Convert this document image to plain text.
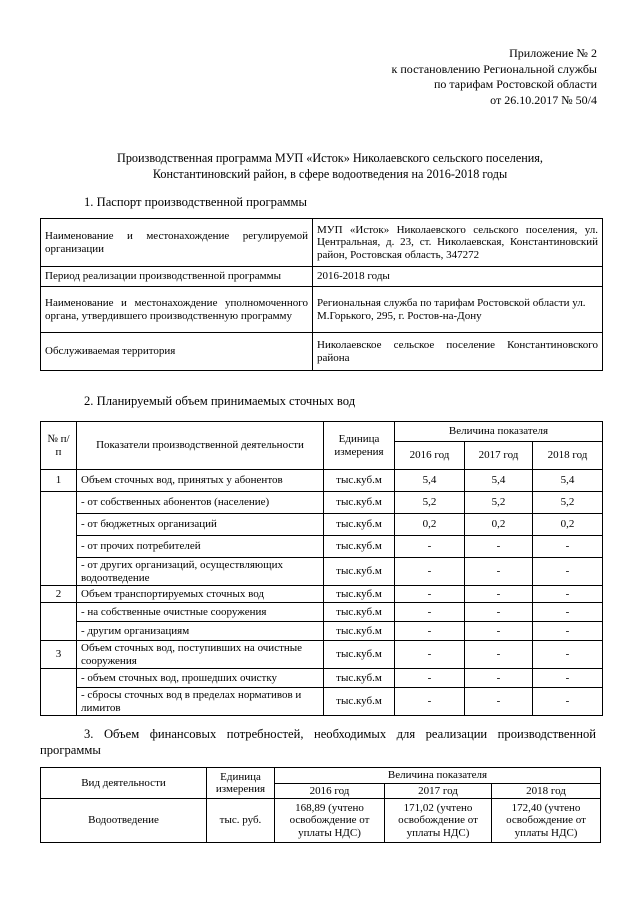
Приложение № 2
к постановлению Региональной службы
по тарифам Ростовской области
от 26.10.2017 № 50/4
Производственная программа МУП «Исток» Николаевского сельского поселения,
Константиновский район, в сфере водоотведения на 2016-2018 годы
1. Паспорт производственной программы
Наименование и местонахождение регулируемой организации	МУП «Исток» Николаевского сельского поселения, ул. Центральная, д. 23, ст. Николаевская, Константиновский район, Ростовская область, 347272
Период реализации производственной программы	2016-2018 годы
Наименование и местонахождение уполномоченного органа, утвердившего производственную программу	Региональная служба по тарифам Ростовской области ул. М.Горького, 295, г. Ростов-на-Дону
Обслуживаемая территория	Николаевское сельское поселение Константиновского района
2. Планируемый объем принимаемых сточных вод
№ п/п	Показатели производственной деятельности	Единица измерения	Величина показателя		
			2016 год	2017 год	2018 год
1	Объем сточных вод, принятых у абонентов	тыс.куб.м	5,4	5,4	5,4
	- от собственных абонентов (население)	тыс.куб.м	5,2	5,2	5,2
	- от бюджетных организаций	тыс.куб.м	0,2	0,2	0,2
	- от прочих потребителей	тыс.куб.м	-	-	-
	- от других организаций, осуществляющих водоотведение	тыс.куб.м	-	-	-
2	Объем транспортируемых сточных вод	тыс.куб.м	-	-	-
	- на собственные очистные сооружения	тыс.куб.м	-	-	-
	- другим организациям	тыс.куб.м	-	-	-
3	Объем сточных вод, поступивших на очистные сооружения	тыс.куб.м	-	-	-
	- объем сточных вод, прошедших очистку	тыс.куб.м	-	-	-
	- сбросы сточных вод в пределах нормативов и лимитов	тыс.куб.м	-	-	-
3. Объем финансовых потребностей, необходимых для реализации производственной
программы
Вид деятельности	Единица измерения	Величина показателя		
		2016 год	2017 год	2018 год
Водоотведение	тыс. руб.	168,89 (учтено освобождение от уплаты НДС)	171,02 (учтено освобождение от уплаты НДС)	172,40 (учтено освобождение от уплаты НДС)
